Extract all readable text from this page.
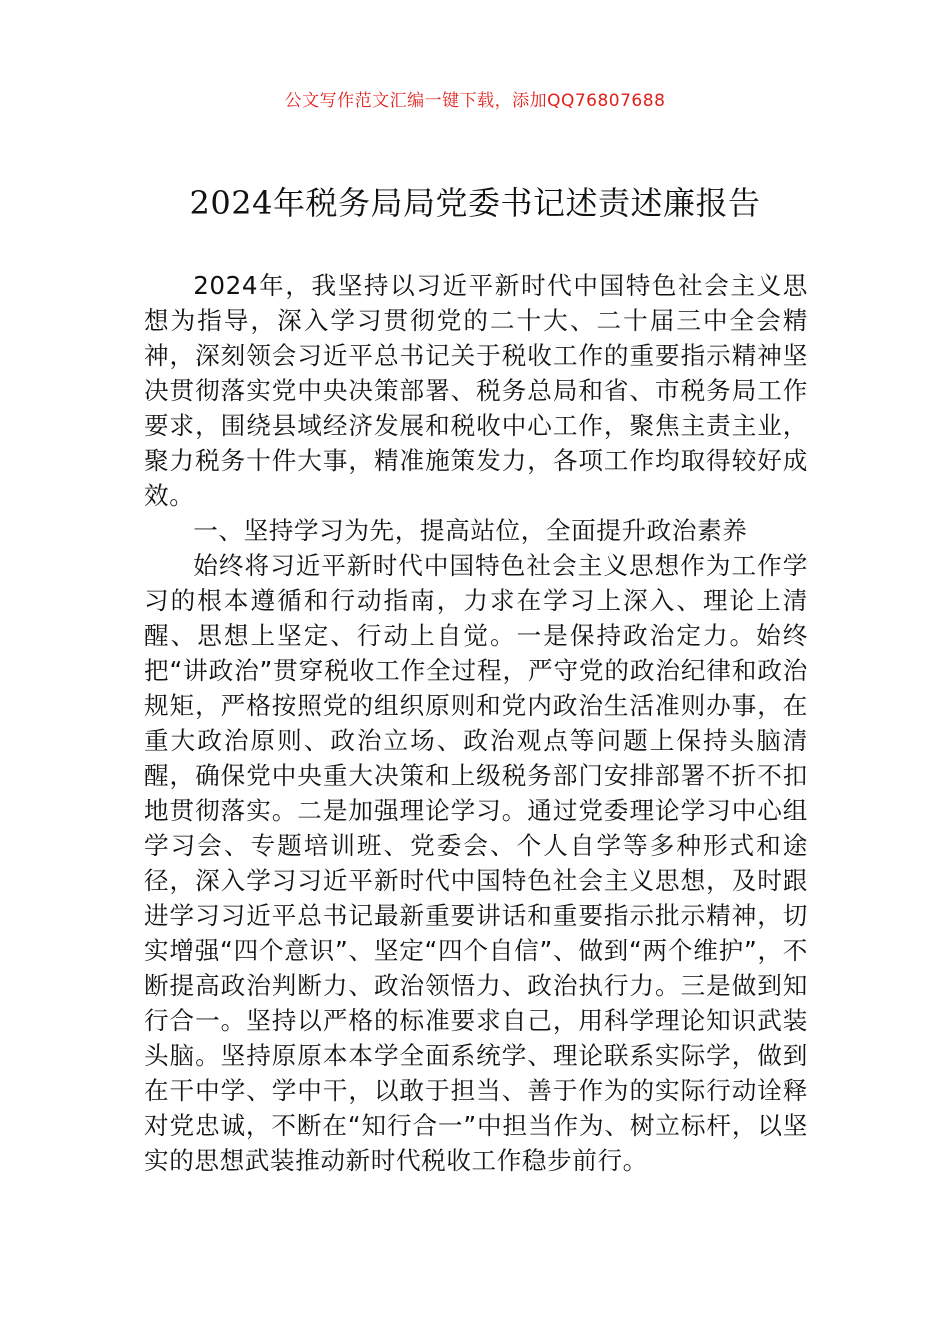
公文写作范文汇编一键下载，添加QQ76807688
2024年税务局局党委书记述责述廉报告

2024年，我坚持以习近平新时代中国特色社会主义思想为指导，深入学习贯彻党的二十大、二十届三中全会精神，深刻领会习近平总书记关于税收工作的重要指示精神坚决贯彻落实党中央决策部署、税务总局和省、市税务局工作要求，围绕县域经济发展和税收中心工作，聚焦主责主业，聚力税务十件大事，精准施策发力，各项工作均取得较好成效。

一、坚持学习为先，提高站位，全面提升政治素养

始终将习近平新时代中国特色社会主义思想作为工作学习的根本遵循和行动指南，力求在学习上深入、理论上清醒、思想上坚定、行动上自觉。一是保持政治定力。始终把“讲政治”贯穿税收工作全过程，严守党的政治纪律和政治规矩，严格按照党的组织原则和党内政治生活准则办事，在重大政治原则、政治立场、政治观点等问题上保持头脑清醒，确保党中央重大决策和上级税务部门安排部署不折不扣地贯彻落实。二是加强理论学习。通过党委理论学习中心组学习会、专题培训班、党委会、个人自学等多种形式和途径，深入学习习近平新时代中国特色社会主义思想，及时跟进学习习近平总书记最新重要讲话和重要指示批示精神，切实增强“四个意识”、坚定“四个自信”、做到“两个维护”，不断提高政治判断力、政治领悟力、政治执行力。三是做到知行合一。坚持以严格的标准要求自己，用科学理论知识武装头脑。坚持原原本本学全面系统学、理论联系实际学，做到在干中学、学中干，以敢于担当、善于作为的实际行动诠释对党忠诚，不断在“知行合一”中担当作为、树立标杆，以坚实的思想武装推动新时代税收工作稳步前行。
